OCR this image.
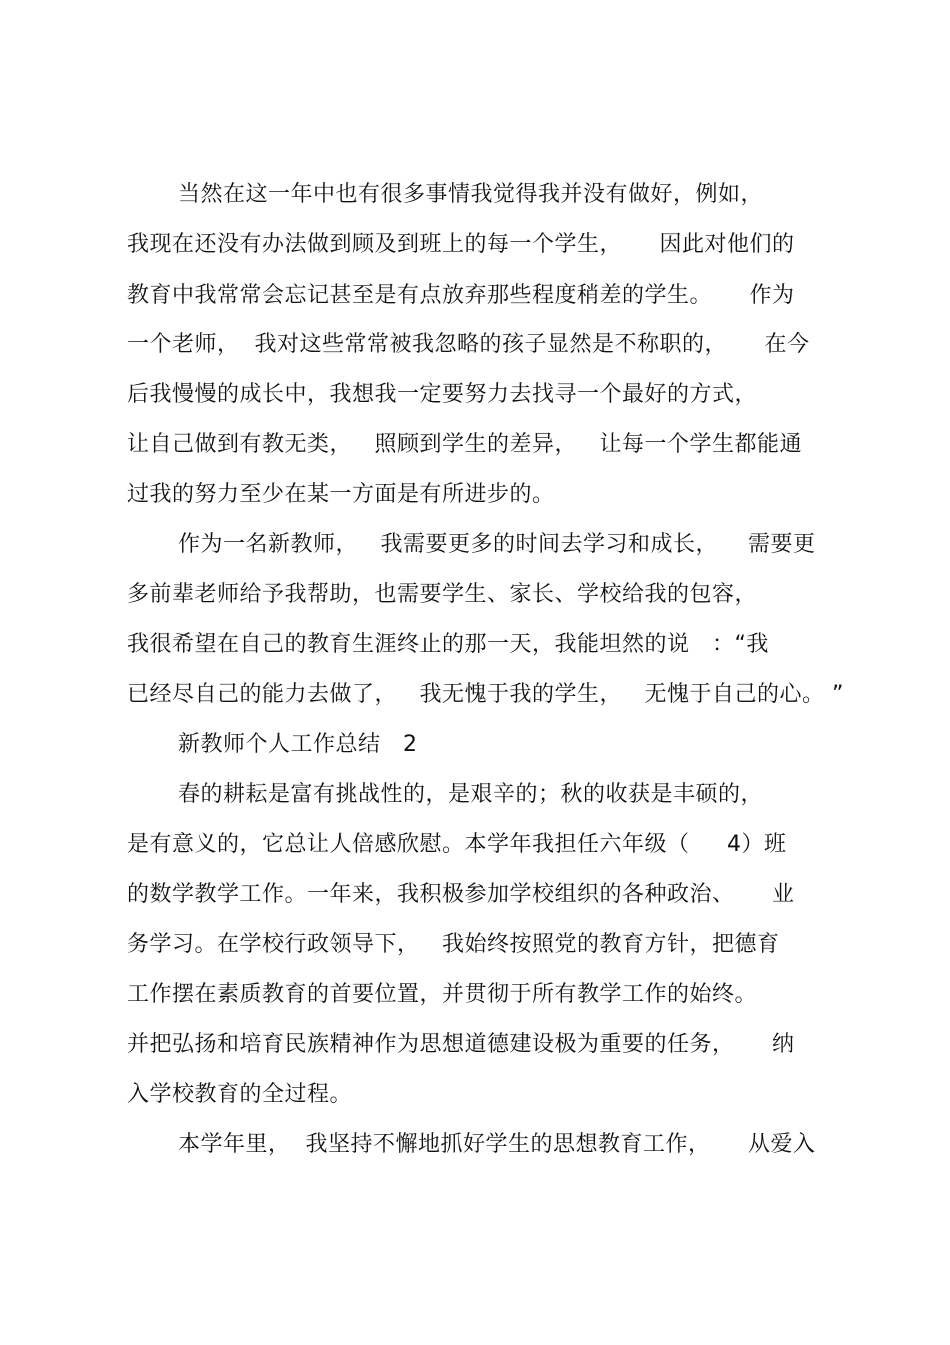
当然在这一年中也有很多事情我觉得我并没有做好，例如，
我现在还没有办法做到顾及到班上的每一个学生，     因此对他们的
教育中我常常会忘记甚至是有点放弃那些程度稍差的学生。     作为
一个老师，  我对这些常常被我忽略的孩子显然是不称职的，     在今
后我慢慢的成长中，我想我一定要努力去找寻一个最好的方式，
让自己做到有教无类，   照顾到学生的差异，   让每一个学生都能通
过我的努力至少在某一方面是有所进步的。
作为一名新教师，   我需要更多的时间去学习和成长，    需要更
多前辈老师给予我帮助，也需要学生、家长、学校给我的包容，
我很希望在自己的教育生涯终止的那一天，我能坦然的说   ：“我
已经尽自己的能力去做了，   我无愧于我的学生，   无愧于自己的心。 ”
新教师个人工作总结   2
春的耕耘是富有挑战性的，是艰辛的；秋的收获是丰硕的，
是有意义的，它总让人倍感欣慰。本学年我担任六年级（     4）班
的数学教学工作。一年来，我积极参加学校组织的各种政治、     业
务学习。在学校行政领导下，   我始终按照党的教育方针，把德育
工作摆在素质教育的首要位置，并贯彻于所有教学工作的始终。
并把弘扬和培育民族精神作为思想道德建设极为重要的任务，     纳
入学校教育的全过程。
本学年里，  我坚持不懈地抓好学生的思想教育工作，     从爱入
